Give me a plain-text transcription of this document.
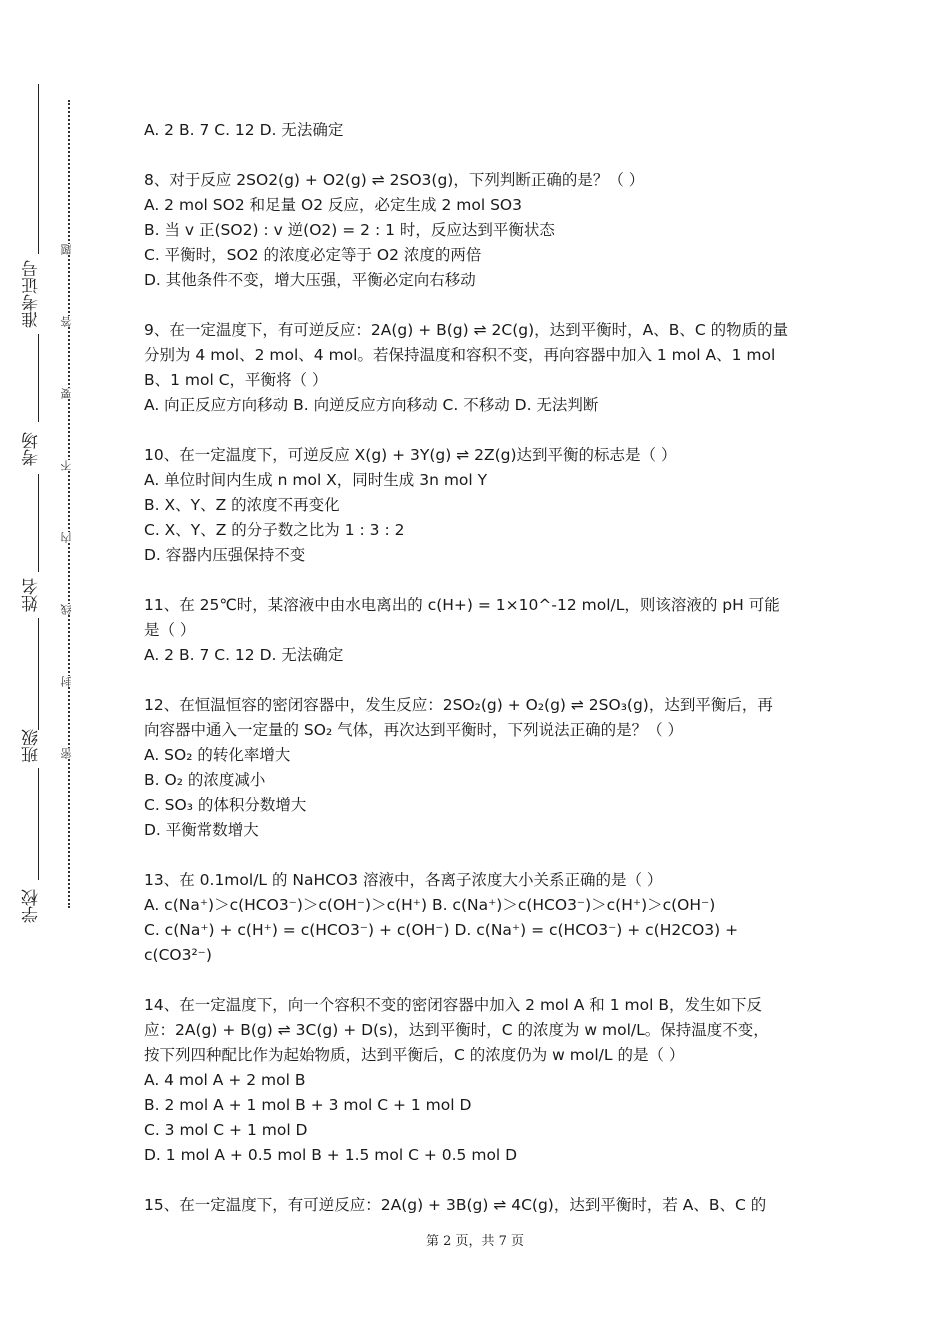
准考证号
考场
姓名
班级
学校
题
答
要
不
内
线
封
密
A. 2 B. 7 C. 12 D. 无法确定
8、对于反应 2SO2(g) + O2(g) ⇌ 2SO3(g)，下列判断正确的是？（ ）
A. 2 mol SO2 和足量 O2 反应，必定生成 2 mol SO3
B. 当 v 正(SO2) : v 逆(O2) = 2 : 1 时，反应达到平衡状态
C. 平衡时，SO2 的浓度必定等于 O2 浓度的两倍
D. 其他条件不变，增大压强，平衡必定向右移动
9、在一定温度下，有可逆反应：2A(g) + B(g) ⇌ 2C(g)，达到平衡时，A、B、C 的物质的量
分别为 4 mol、2 mol、4 mol。若保持温度和容积不变，再向容器中加入 1 mol A、1 mol
B、1 mol C，平衡将（ ）
A. 向正反应方向移动 B. 向逆反应方向移动 C. 不移动 D. 无法判断
10、在一定温度下，可逆反应 X(g) + 3Y(g) ⇌ 2Z(g)达到平衡的标志是（ ）
A. 单位时间内生成 n mol X，同时生成 3n mol Y
B. X、Y、Z 的浓度不再变化
C. X、Y、Z 的分子数之比为 1 : 3 : 2
D. 容器内压强保持不变
11、在 25℃时，某溶液中由水电离出的 c(H+) = 1×10^-12 mol/L，则该溶液的 pH 可能
是（ ）
A. 2 B. 7 C. 12 D. 无法确定
12、在恒温恒容的密闭容器中，发生反应：2SO₂(g) + O₂(g) ⇌ 2SO₃(g)，达到平衡后，再
向容器中通入一定量的 SO₂ 气体，再次达到平衡时，下列说法正确的是？（ ）
A. SO₂ 的转化率增大
B. O₂ 的浓度减小
C. SO₃ 的体积分数增大
D. 平衡常数增大
13、在 0.1mol/L 的 NaHCO3 溶液中，各离子浓度大小关系正确的是（ ）
A. c(Na⁺)＞c(HCO3⁻)＞c(OH⁻)＞c(H⁺) B. c(Na⁺)＞c(HCO3⁻)＞c(H⁺)＞c(OH⁻)
C. c(Na⁺) + c(H⁺) = c(HCO3⁻) + c(OH⁻) D. c(Na⁺) = c(HCO3⁻) + c(H2CO3) +
c(CO3²⁻)
14、在一定温度下，向一个容积不变的密闭容器中加入 2 mol A 和 1 mol B，发生如下反
应：2A(g) + B(g) ⇌ 3C(g) + D(s)，达到平衡时，C 的浓度为 w mol/L。保持温度不变，
按下列四种配比作为起始物质，达到平衡后，C 的浓度仍为 w mol/L 的是（ ）
A. 4 mol A + 2 mol B
B. 2 mol A + 1 mol B + 3 mol C + 1 mol D
C. 3 mol C + 1 mol D
D. 1 mol A + 0.5 mol B + 1.5 mol C + 0.5 mol D
15、在一定温度下，有可逆反应：2A(g) + 3B(g) ⇌ 4C(g)，达到平衡时，若 A、B、C 的
第 2 页，共 7 页
